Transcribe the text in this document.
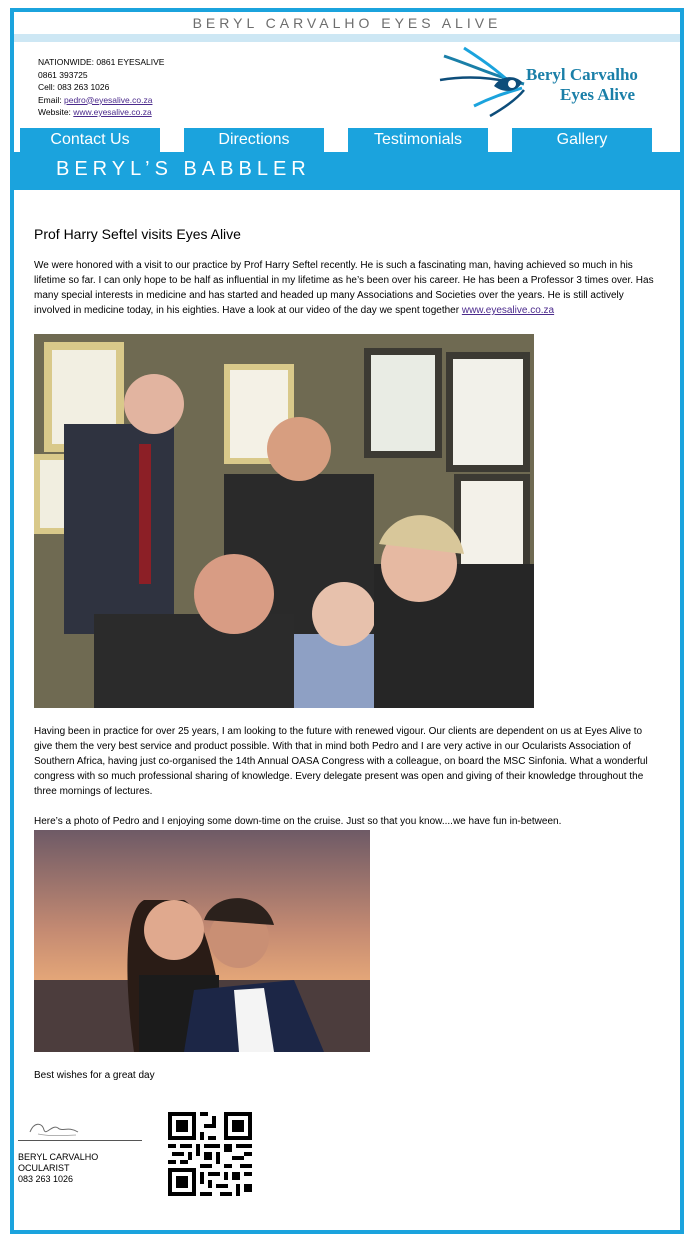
BERYL CARVALHO EYES ALIVE
NATIONWIDE: 0861 EYESALIVE
0861 393725
Cell: 083 263 1026
Email: pedro@eyesalive.co.za
Website: www.eyesalive.co.za
Beryl Carvalho
Eyes Alive
Contact Us	Directions	Testimonials	Gallery
BERYL’S BABBLER
Prof Harry Seftel visits Eyes Alive

We were honored with a visit to our practice by Prof Harry Seftel recently. He is such a fascinating man, having achieved so much in his lifetime so far. I can only hope to be half as influential in my lifetime as he’s been over his career. He has been a Professor 3 times over. Has many special interests in medicine and has started and headed up many Associations and Societies over the years. He is still actively involved in medicine today, in his eighties. Have a look at our video of the day we spent together www.eyesalive.co.za

Having been in practice for over 25 years, I am looking to the future with renewed vigour. Our clients are dependent on us at Eyes Alive to give them the very best service and product possible. With that in mind both Pedro and I are very active in our Ocularists Association of Southern Africa, having just co-organised the 14th Annual OASA Congress with a colleague, on board the MSC Sinfonia. What a wonderful congress with so much professional sharing of knowledge. Every delegate present was open and giving of their knowledge throughout the three mornings of lectures.

Here’s a photo of Pedro and I enjoying some down-time on the cruise. Just so that you know....we have fun in-between.

Best wishes for a great day
BERYL CARVALHO
OCULARIST
083 263 1026
